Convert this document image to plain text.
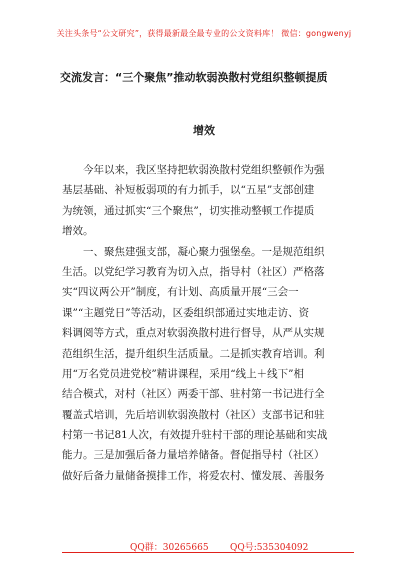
关注头条号“公文研究”，获得最新最全最专业的公文资料库！ 微信：gongwenyj
交流发言：“三个聚焦”推动软弱涣散村党组织整顿提质
增效
今年以来，我区坚持把软弱涣散村党组织整顿作为强
基层基础、补短板弱项的有力抓手，以“五星”支部创建
为统领，通过抓实“三个聚焦”，切实推动整顿工作提质
增效。
一、聚焦建强支部，凝心聚力强堡垒。一是规范组织
生活。以党纪学习教育为切入点，指导村（社区）严格落
实“四议两公开”制度，有计划、高质量开展“三会一
课”“主题党日”等活动，区委组织部通过实地走访、资
料调阅等方式，重点对软弱涣散村进行督导，从严从实规
范组织生活，提升组织生活质量。二是抓实教育培训。利
用“万名党员进党校”精讲课程，采用“线上＋线下”相
结合模式，对村（社区）两委干部、驻村第一书记进行全
覆盖式培训，先后培训软弱涣散村（社区）支部书记和驻
村第一书记81人次，有效提升驻村干部的理论基础和实战
能力。三是加强后备力量培养储备。督促指导村（社区）
做好后备力量储备摸排工作，将爱农村、懂发展、善服务
QQ群：30265665 QQ号:535304092
